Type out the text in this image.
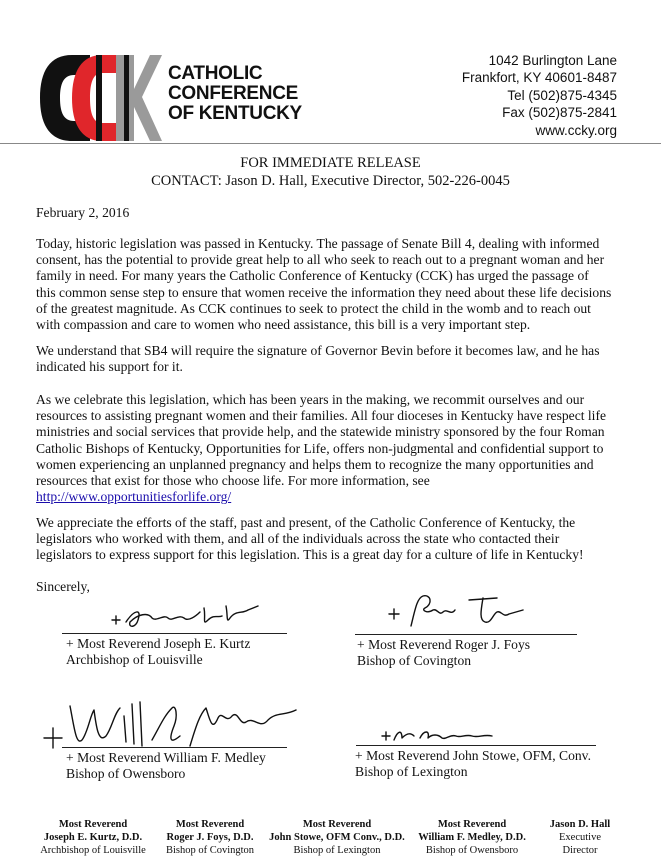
CATHOLIC
CONFERENCE
OF KENTUCKY
1042 Burlington Lane
Frankfort, KY 40601-8487
Tel (502)875-4345
Fax (502)875-2841
www.ccky.org
FOR IMMEDIATE RELEASE
CONTACT: Jason D. Hall, Executive Director, 502-226-0045
February 2, 2016
Today, historic legislation was passed in Kentucky. The passage of Senate Bill 4, dealing with informed
consent, has the potential to provide great help to all who seek to reach out to a pregnant woman and her
family in need. For many years the Catholic Conference of Kentucky (CCK) has urged the passage of
this common sense step to ensure that women receive the information they need about these life decisions
of the greatest magnitude. As CCK continues to seek to protect the child in the womb and to reach out
with compassion and care to women who need assistance, this bill is a very important step.
We understand that SB4 will require the signature of Governor Bevin before it becomes law, and he has
indicated his support for it.
As we celebrate this legislation, which has been years in the making, we recommit ourselves and our
resources to assisting pregnant women and their families. All four dioceses in Kentucky have respect life
ministries and social services that provide help, and the statewide ministry sponsored by the four Roman
Catholic Bishops of Kentucky, Opportunities for Life, offers non-judgmental and confidential support to
women experiencing an unplanned pregnancy and helps them to recognize the many opportunities and
resources that exist for those who choose life. For more information, see
http://www.opportunitiesforlife.org/
We appreciate the efforts of the staff, past and present, of the Catholic Conference of Kentucky, the
legislators who worked with them, and all of the individuals across the state who contacted their
legislators to express support for this legislation. This is a great day for a culture of life in Kentucky!
Sincerely,
+ Most Reverend Joseph E. Kurtz
Archbishop of Louisville
+ Most Reverend Roger J. Foys
Bishop of Covington
+ Most Reverend William F. Medley
Bishop of Owensboro
+ Most Reverend John Stowe, OFM, Conv.
Bishop of Lexington
Most Reverend
Joseph E. Kurtz, D.D.
Archbishop of Louisville
Most Reverend
Roger J. Foys, D.D.
Bishop of Covington
Most Reverend
John Stowe, OFM Conv., D.D.
Bishop of Lexington
Most Reverend
William F. Medley, D.D.
Bishop of Owensboro
Jason D. Hall
Executive
Director
